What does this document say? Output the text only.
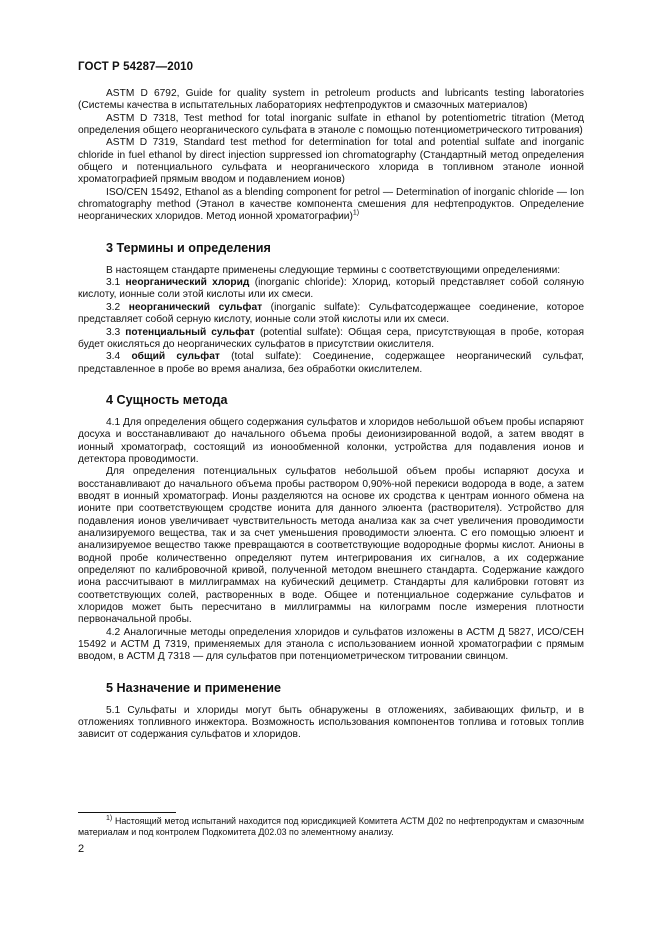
ГОСТ Р 54287—2010

ASTM D 6792, Guide for quality system in petroleum products and lubricants testing laboratories (Системы качества в испытательных лабораториях нефтепродуктов и смазочных материалов)

ASTM D 7318, Test method for total inorganic sulfate in ethanol by potentiometric titration (Метод определения общего неорганического сульфата в этаноле с помощью потенциометрического титрования)

ASTM D 7319, Standard test method for determination for total and potential sulfate and inorganic chloride in fuel ethanol by direct injection suppressed ion chromatography (Стандартный метод определения общего и потенциального сульфата и неорганического хлорида в топливном этаноле ионной хроматографией прямым вводом и подавлением ионов)

ISO/CEN 15492, Ethanol as a blending component for petrol — Determination of inorganic chloride — Ion chromatography method (Этанол в качестве компонента смешения для нефтепродуктов. Определение неорганических хлоридов. Метод ионной хроматографии)$^{1)}$

3 Термины и определения

В настоящем стандарте применены следующие термины с соответствующими определениями:

3.1 неорганический хлорид (inorganic chloride): Хлорид, который представляет собой соляную кислоту, ионные соли этой кислоты или их смеси.

3.2 неорганический сульфат (inorganic sulfate): Сульфатсодержащее соединение, которое представляет собой серную кислоту, ионные соли этой кислоты или их смеси.

3.3 потенциальный сульфат (potential sulfate): Общая сера, присутствующая в пробе, которая будет окисляться до неорганических сульфатов в присутствии окислителя.

3.4 общий сульфат (total sulfate): Соединение, содержащее неорганический сульфат, представленное в пробе во время анализа, без обработки окислителем.

4 Сущность метода

4.1 Для определения общего содержания сульфатов и хлоридов небольшой объем пробы испаряют досуха и восстанавливают до начального объема пробы деионизированной водой, а затем вводят в ионный хроматограф, состоящий из ионообменной колонки, устройства для подавления ионов и детектора проводимости.

Для определения потенциальных сульфатов небольшой объем пробы испаряют досуха и восстанавливают до начального объема пробы раствором 0,90%-ной перекиси водорода в воде, а затем вводят в ионный хроматограф. Ионы разделяются на основе их сродства к центрам ионного обмена на ионите при соответствующем сродстве ионита для данного элюента (растворителя). Устройство для подавления ионов увеличивает чувствительность метода анализа как за счет увеличения проводимости анализируемого вещества, так и за счет уменьшения проводимости элюента. С его помощью элюент и анализируемое вещество также превращаются в соответствующие водородные формы кислот. Анионы в водной пробе количественно определяют путем интегрирования их сигналов, а их содержание определяют по калибровочной кривой, полученной методом внешнего стандарта. Содержание каждого иона рассчитывают в миллиграммах на кубический дециметр. Стандарты для калибровки готовят из соответствующих солей, растворенных в воде. Общее и потенциальное содержание сульфатов и хлоридов может быть пересчитано в миллиграммы на килограмм после измерения плотности первоначальной пробы.

4.2 Аналогичные методы определения хлоридов и сульфатов изложены в АСТМ Д 5827, ИСО/СЕН 15492 и АСТМ Д 7319, применяемых для этанола с использованием ионной хроматографии с прямым вводом, в АСТМ Д 7318 — для сульфатов при потенциометрическом титровании свинцом.

5 Назначение и применение

5.1 Сульфаты и хлориды могут быть обнаружены в отложениях, забивающих фильтр, и в отложениях топливного инжектора. Возможность использования компонентов топлива и готовых топлив зависит от содержания сульфатов и хлоридов.

$^{1)}$ Настоящий метод испытаний находится под юрисдикцией Комитета АСТМ Д02 по нефтепродуктам и смазочным материалам и под контролем Подкомитета Д02.03 по элементному анализу.
2
